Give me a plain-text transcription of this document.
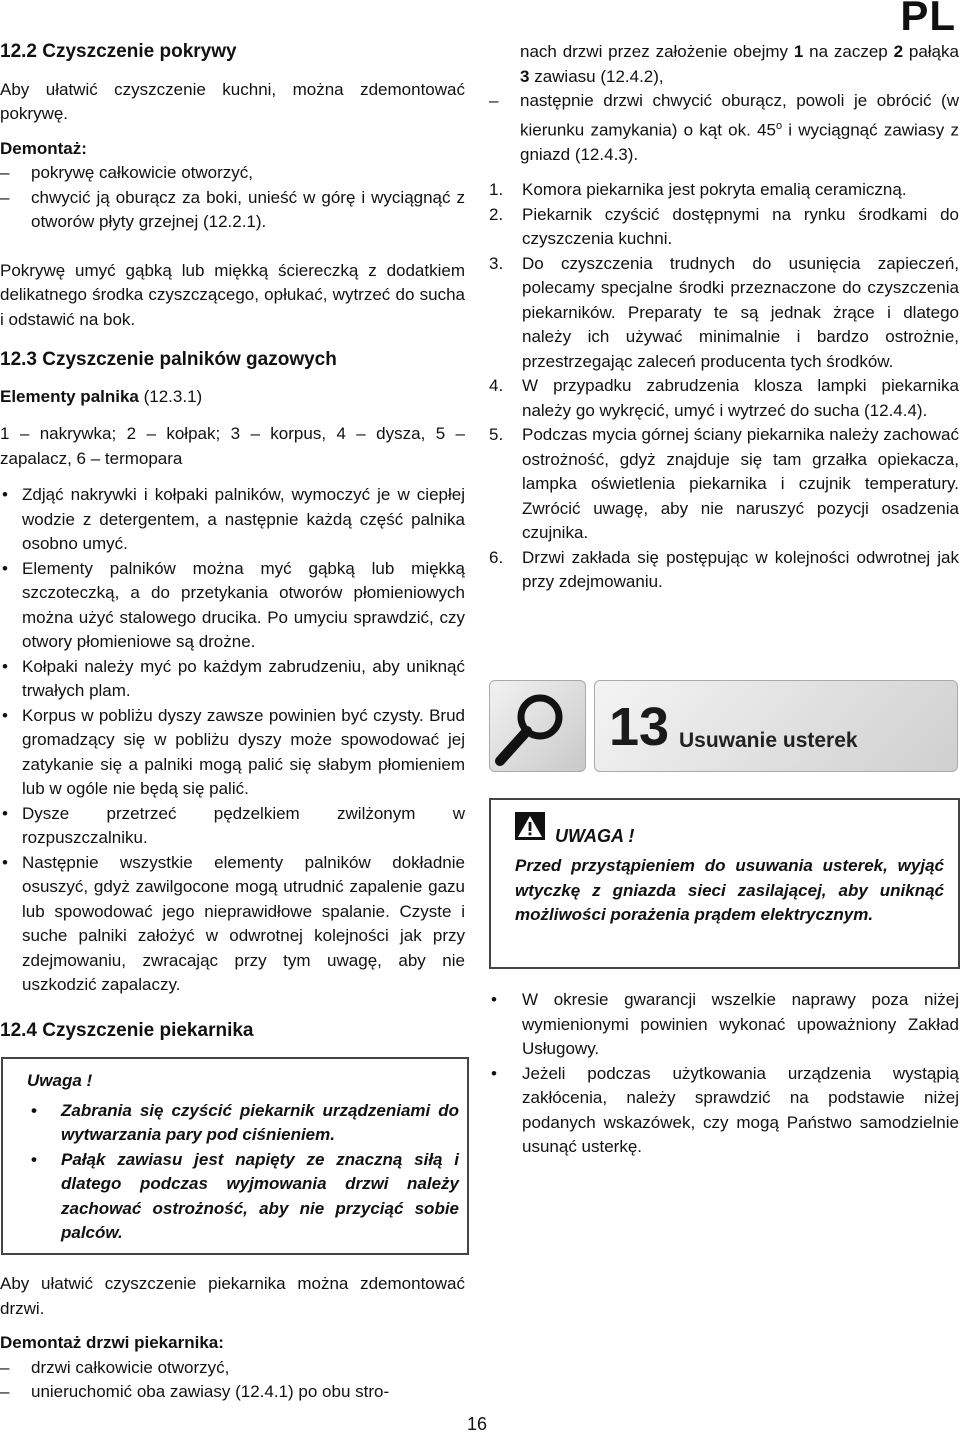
PL
12.2 Czyszczenie pokrywy

Aby ułatwić czyszczenie kuchni, można zdemontować pokrywę.

Demontaż:

– pokrywę całkowicie otworzyć,
– chwycić ją oburącz za boki, unieść w górę i wyciągnąć z otworów płyty grzejnej (12.2.1).

Pokrywę umyć gąbką lub miękką ściereczką z dodatkiem delikatnego środka czyszczącego, opłukać, wytrzeć do sucha i odstawić na bok.

12.3 Czyszczenie palników gazowych

Elementy palnika (12.3.1)

1 – nakrywka; 2 – kołpak; 3 – korpus, 4 – dysza, 5 – zapalacz, 6 – termopara

• Zdjąć nakrywki i kołpaki palników, wymoczyć je w ciepłej wodzie z detergentem, a następnie każdą część palnika osobno umyć.
• Elementy palników można myć gąbką lub miękką szczoteczką, a do przetykania otworów płomieniowych można użyć stalowego drucika. Po umyciu sprawdzić, czy otwory płomieniowe są drożne.
• Kołpaki należy myć po każdym zabrudzeniu, aby uniknąć trwałych plam.
• Korpus w pobliżu dyszy zawsze powinien być czysty. Brud gromadzący się w pobliżu dyszy może spowodować jej zatykanie się a palniki mogą palić się słabym płomieniem lub w ogóle nie będą się palić.
• Dysze przetrzeć pędzelkiem zwilżonym w rozpuszczalniku.
• Następnie wszystkie elementy palników dokładnie osuszyć, gdyż zawilgocone mogą utrudnić zapalenie gazu lub spowodować jego nieprawidłowe spalanie. Czyste i suche palniki założyć w odwrotnej kolejności jak przy zdejmowaniu, zwracając przy tym uwagę, aby nie uszkodzić zapalaczy.
12.4 Czyszczenie piekarnika
Uwaga !
• Zabrania się czyścić piekarnik urządzeniami do wytwarzania pary pod ciśnieniem.
• Pałąk zawiasu jest napięty ze znaczną siłą i dlatego podczas wyjmowania drzwi należy zachować ostrożność, aby nie przyciąć sobie palców.

Aby ułatwić czyszczenie piekarnika można zdemontować drzwi.

Demontaż drzwi piekarnika:

– drzwi całkowicie otworzyć,
– unieruchomić oba zawiasy (12.4.1) po obu stro-

nach drzwi przez założenie obejmy 1 na zaczep 2 pałąka 3 zawiasu (12.4.2),

– następnie drzwi chwycić oburącz, powoli je obrócić (w kierunku zamykania) o kąt ok. 45$^o$ i wyciągnąć zawiasy z gniazd (12.4.3).
1. Komora piekarnika jest pokryta emalią ceramiczną.
2. Piekarnik czyścić dostępnymi na rynku środkami do czyszczenia kuchni.
3. Do czyszczenia trudnych do usunięcia zapieczeń, polecamy specjalne środki przeznaczone do czyszczenia piekarników. Preparaty te są jednak żrące i dlatego należy ich używać minimalnie i bardzo ostrożnie, przestrzegając zaleceń producenta tych środków.
4. W przypadku zabrudzenia klosza lampki piekarnika należy go wykręcić, umyć i wytrzeć do sucha (12.4.4).
5. Podczas mycia górnej ściany piekarnika należy zachować ostrożność, gdyż znajduje się tam grzałka opiekacza, lampka oświetlenia piekarnika i czujnik temperatury. Zwrócić uwagę, aby nie naruszyć pozycji osadzenia czujnika.
6. Drzwi zakłada się postępując w kolejności odwrotnej jak przy zdejmowaniu.
13 Usuwanie usterek
UWAGA !

Przed przystąpieniem do usuwania usterek, wyjąć wtyczkę z gniazda sieci zasilającej, aby uniknąć możliwości porażenia prądem elektrycznym.

• W okresie gwarancji wszelkie naprawy poza niżej wymienionymi powinien wykonać upoważniony Zakład Usługowy.
• Jeżeli podczas użytkowania urządzenia wystąpią zakłócenia, należy sprawdzić na podstawie niżej podanych wskazówek, czy mogą Państwo samodzielnie usunąć usterkę.
16
